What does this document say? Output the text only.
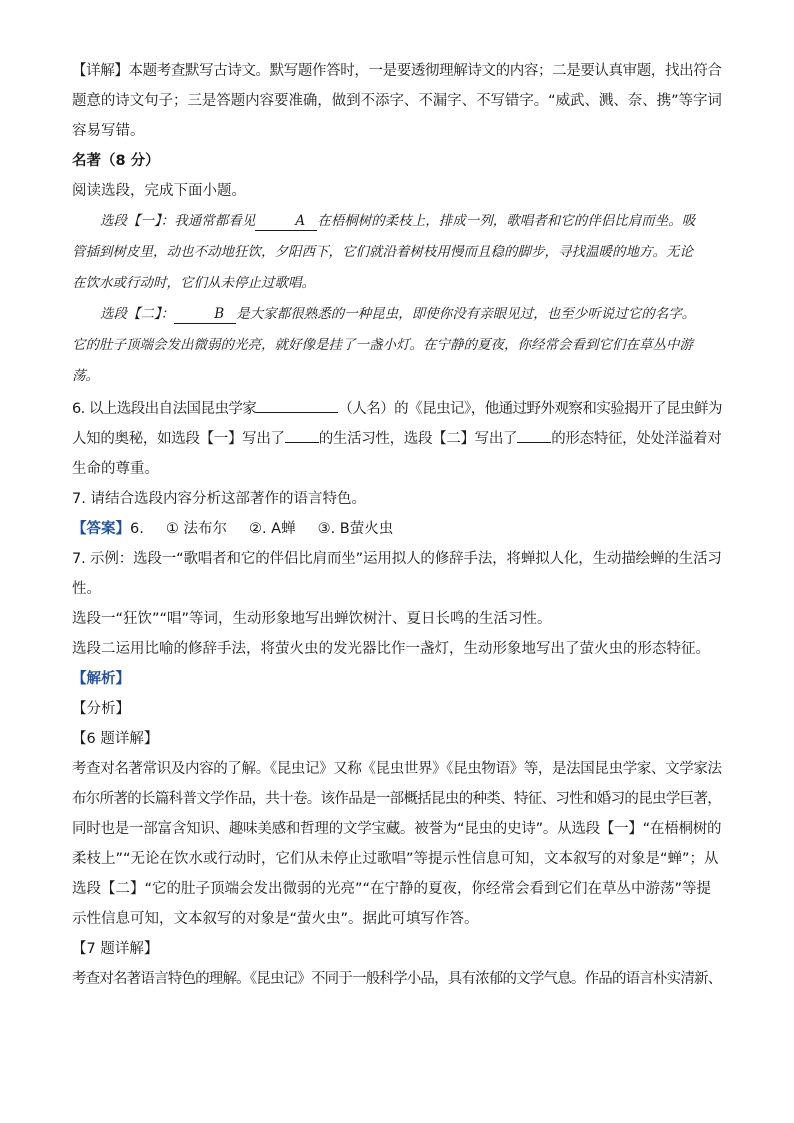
【详解】本题考查默写古诗文。默写题作答时，一是要透彻理解诗文的内容；二是要认真审题，找出符合

题意的诗文句子；三是答题内容要准确，做到不添字、不漏字、不写错字。“威武、溅、奈、携”等字词

容易写错。

名著（8 分）

阅读选段，完成下面小题。

选段【一】：我通常都看见	A 在梧桐树的柔枝上，排成一列，歌唱者和它的伴侣比肩而坐。吸

管插到树皮里，动也不动地狂饮，夕阳西下，它们就沿着树枝用慢而且稳的脚步，寻找温暖的地方。无论

在饮水或行动时，它们从未停止过歌唱。

选段【二】：	B 是大家都很熟悉的一种昆虫，即使你没有亲眼见过，也至少听说过它的名字。

它的肚子顶端会发出微弱的光亮，就好像是挂了一盏小灯。在宁静的夏夜，你经常会看到它们在草丛中游

荡。

6. 以上选段出自法国昆虫学家	（人名）的《昆虫记》，他通过野外观察和实验揭开了昆虫鲜为

人知的奥秘，如选段【一】写出了 的生活习性，选段【二】写出了 的形态特征，处处洋溢着对

生命的尊重。

7. 请结合选段内容分析这部著作的语言特色。

【答案】6. ① 法布尔 ②. A蝉 ③. B萤火虫

7. 示例：选段一“歌唱者和它的伴侣比肩而坐”运用拟人的修辞手法，将蝉拟人化，生动描绘蝉的生活习

性。

选段一“狂饮”“唱”等词，生动形象地写出蝉饮树汁、夏日长鸣的生活习性。

选段二运用比喻的修辞手法，将萤火虫的发光器比作一盏灯，生动形象地写出了萤火虫的形态特征。

【解析】

【分析】

【6 题详解】

考查对名著常识及内容的了解。《昆虫记》又称《昆虫世界》《昆虫物语》等，是法国昆虫学家、文学家法

布尔所著的长篇科普文学作品，共十卷。该作品是一部概括昆虫的种类、特征、习性和婚习的昆虫学巨著，

同时也是一部富含知识、趣味美感和哲理的文学宝藏。被誉为“昆虫的史诗”。从选段【一】“在梧桐树的

柔枝上”“无论在饮水或行动时，它们从未停止过歌唱”等提示性信息可知，文本叙写的对象是“蝉”；从

选段【二】“它的肚子顶端会发出微弱的光亮”“在宁静的夏夜，你经常会看到它们在草丛中游荡”等提

示性信息可知，文本叙写的对象是“萤火虫”。据此可填写作答。

【7 题详解】

考查对名著语言特色的理解。《昆虫记》不同于一般科学小品，具有浓郁的文学气息。作品的语言朴实清新、
